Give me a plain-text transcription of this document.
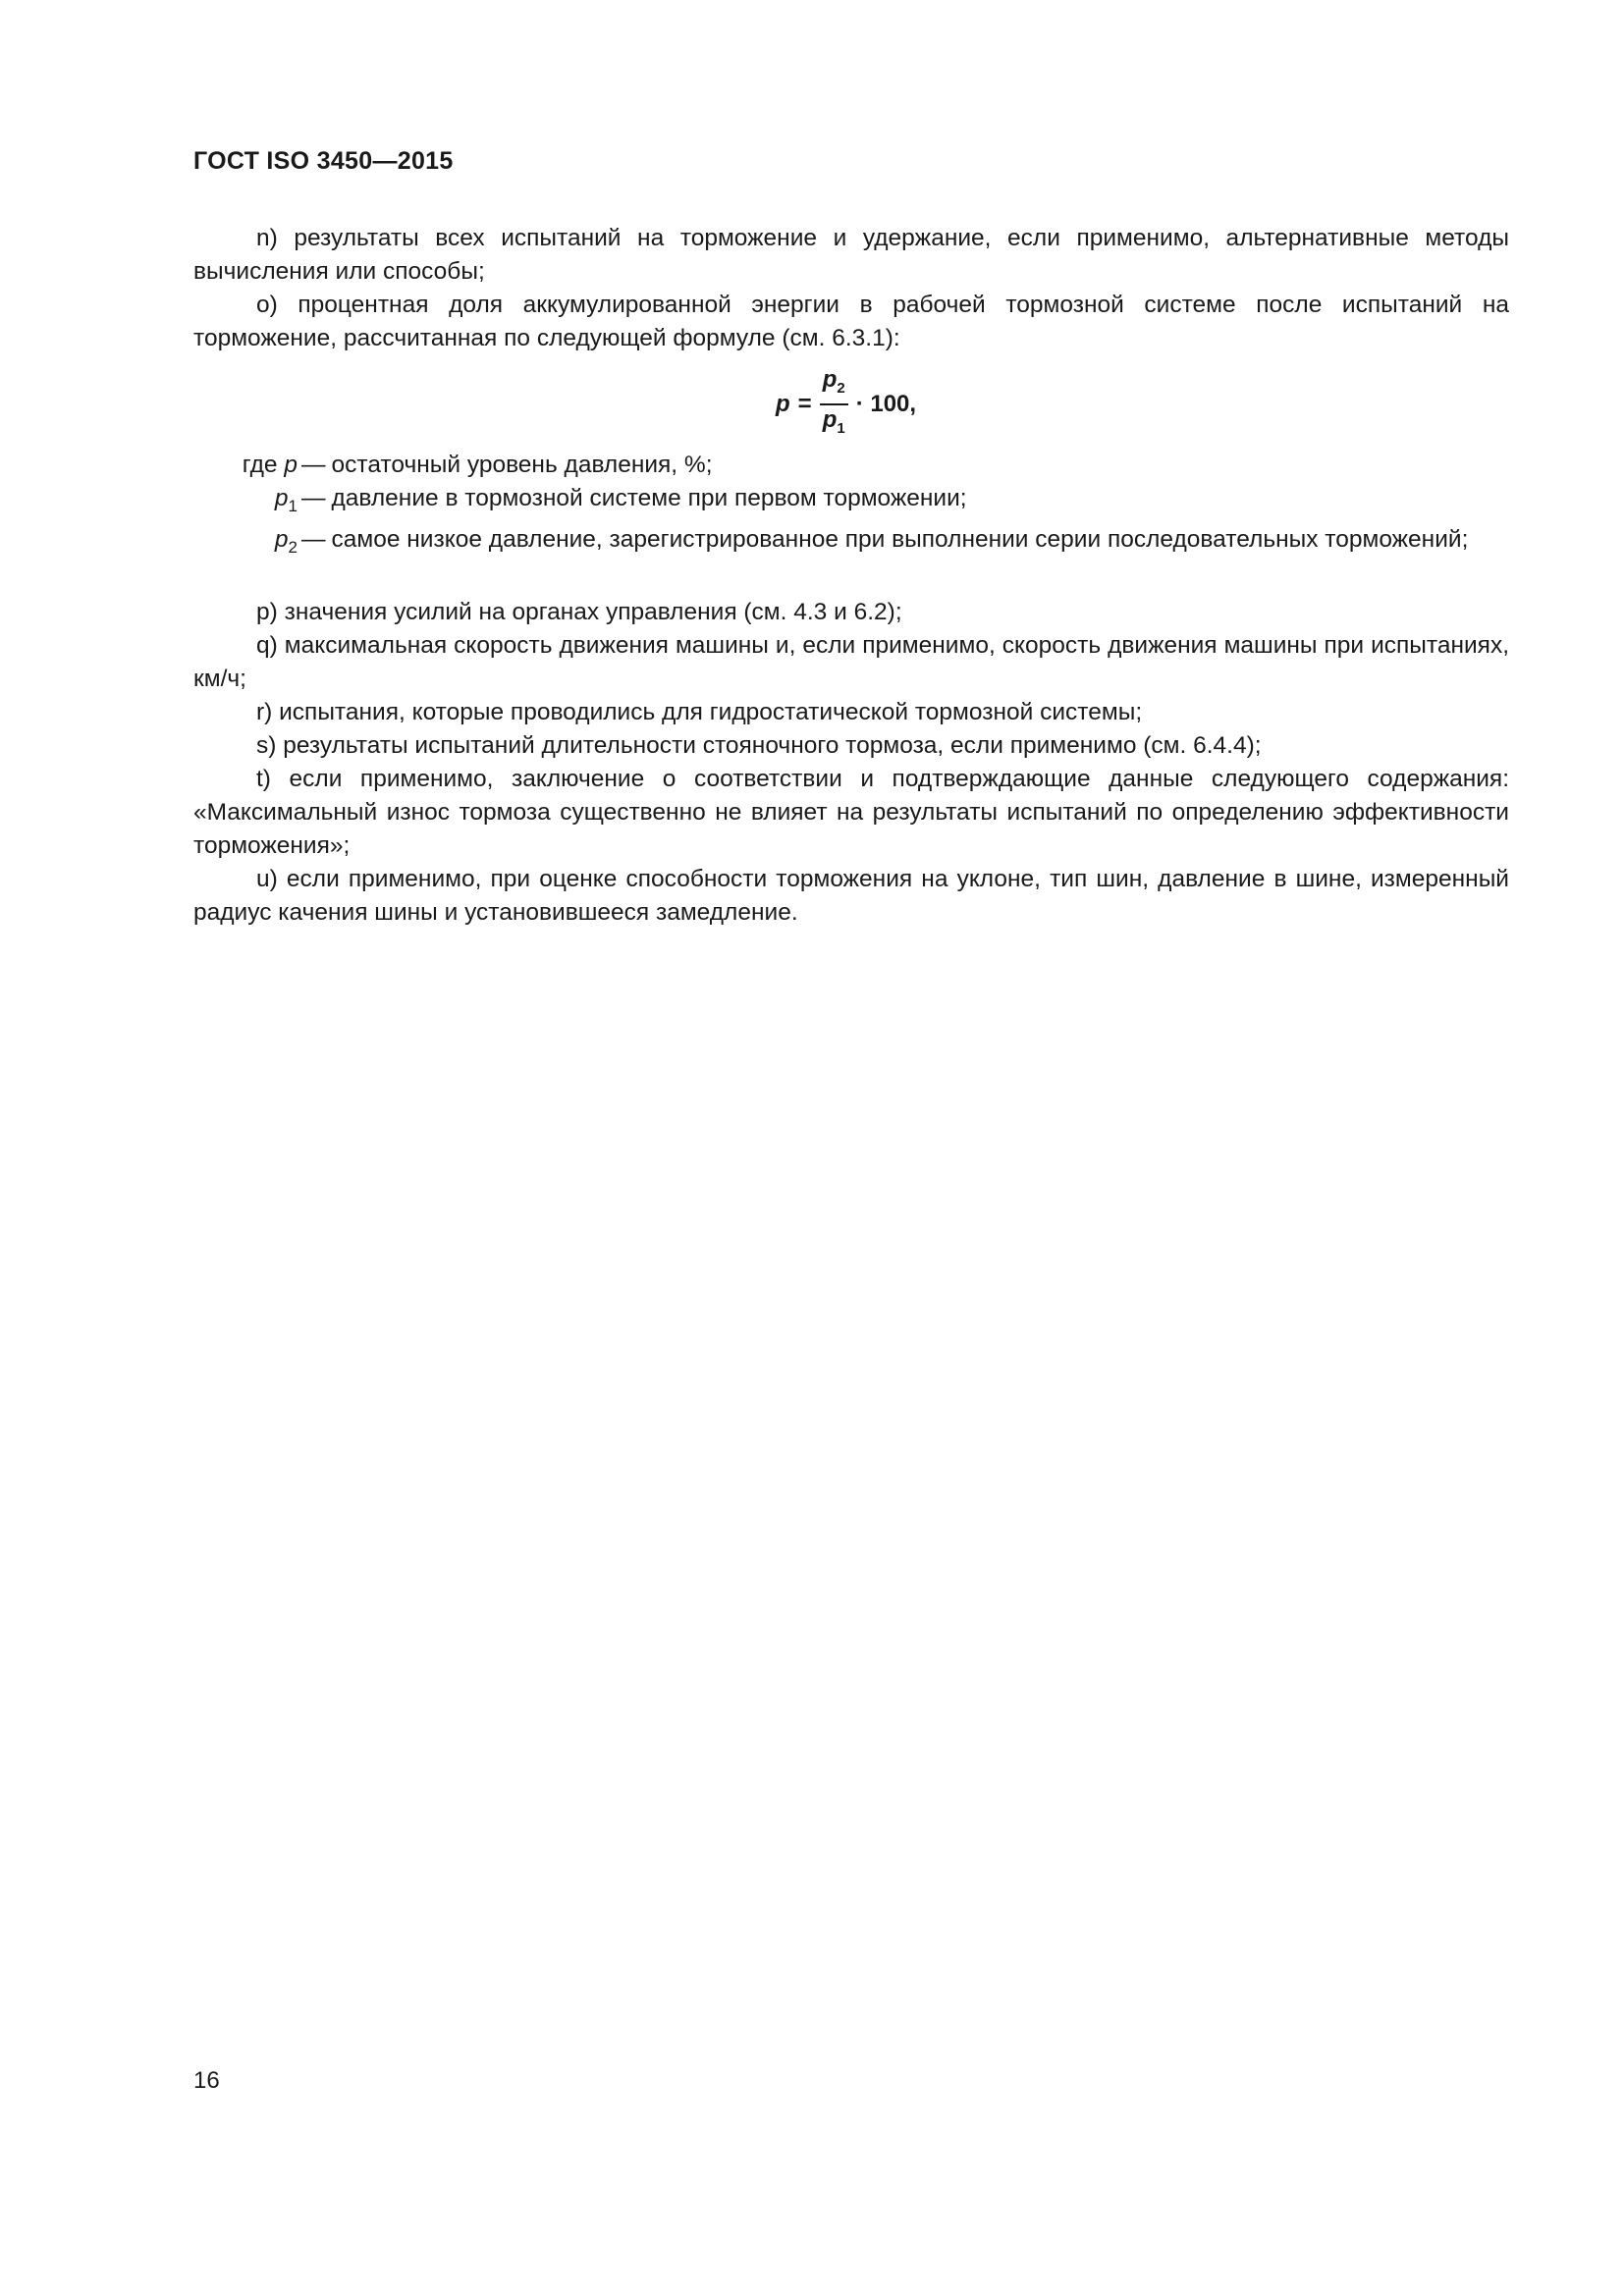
ГОСТ ISO 3450—2015

n) результаты всех испытаний на торможение и удержание, если применимо, альтернативные методы вычисления или способы;

о) процентная доля аккумулированной энергии в рабочей тормозной системе после испытаний на торможение, рассчитанная по следующей формуле (см. 6.3.1):

$p = \frac{p_2}{p_1} \cdot 100$,
где p — остаточный уровень давления, %;
$p_1$ — давление в тормозной системе при первом торможении;
$p_2$ — самое низкое давление, зарегистрированное при выполнении серии последовательных торможений;

p) значения усилий на органах управления (см. 4.3 и 6.2);

q) максимальная скорость движения машины и, если применимо, скорость движения машины при испытаниях, км/ч;

r) испытания, которые проводились для гидростатической тормозной системы;

s) результаты испытаний длительности стояночного тормоза, если применимо (см. 6.4.4);

t) если применимо, заключение о соответствии и подтверждающие данные следующего содержания: «Максимальный износ тормоза существенно не влияет на результаты испытаний по определению эффективности торможения»;

u) если применимо, при оценке способности торможения на уклоне, тип шин, давление в шине, измеренный радиус качения шины и установившееся замедление.

16
